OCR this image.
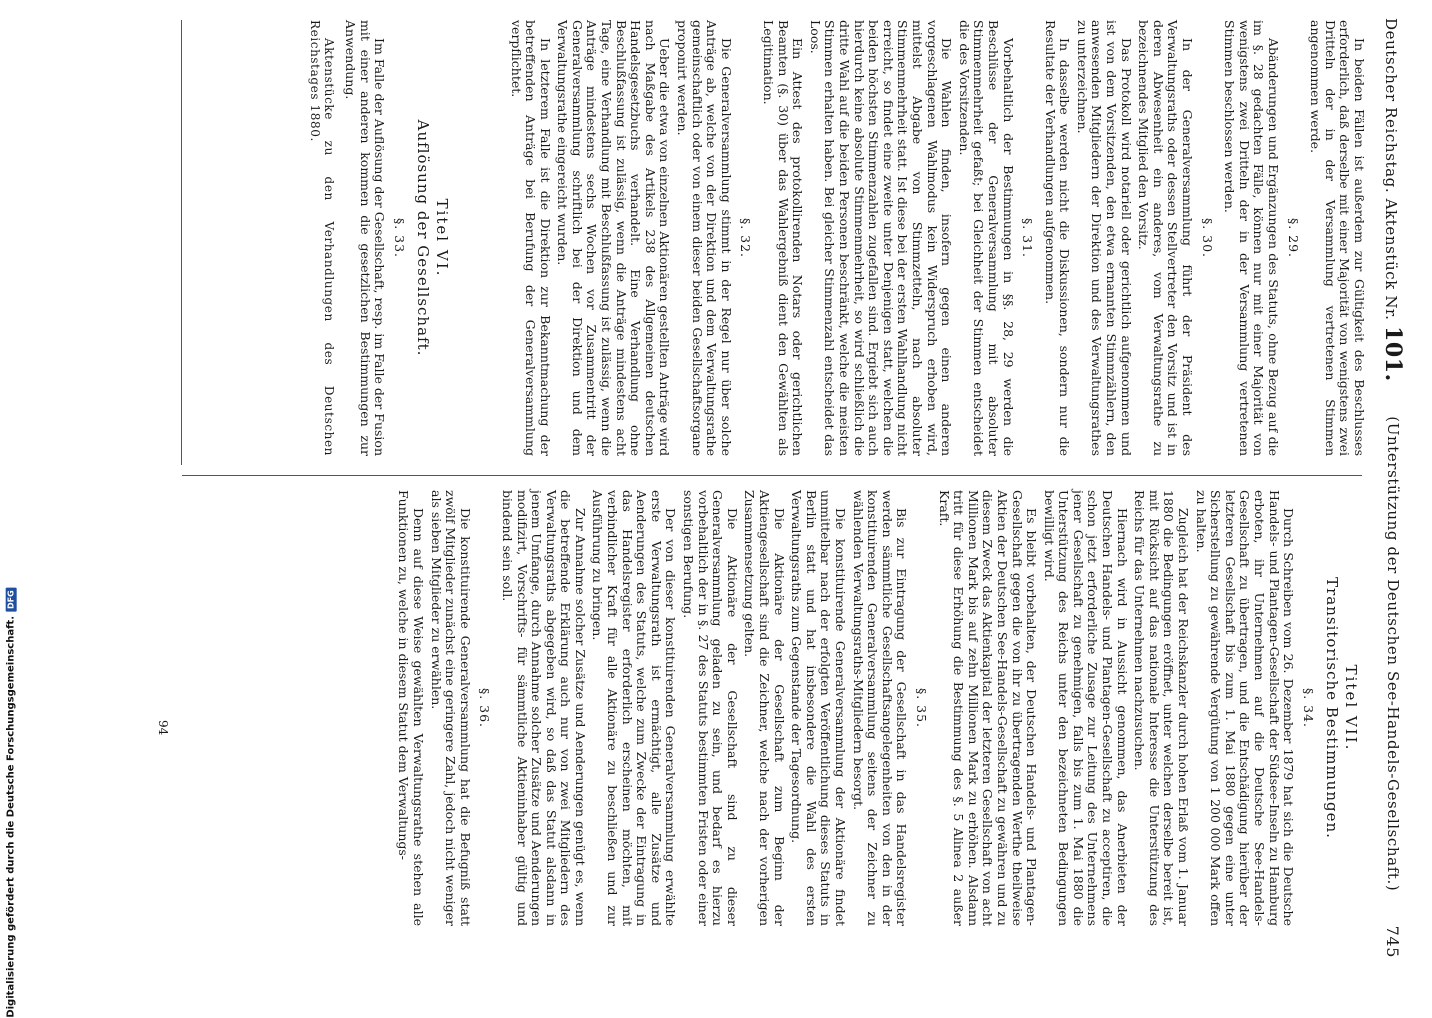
Deutscher Reichstag. Aktenstück Nr. 101.
(Unterstützung der Deutschen See-Handels-Gesellschaft.)
745

In beiden Fällen ist außerdem zur Gültigkeit des Beschlusses erforderlich, daß derselbe mit einer Majorität von wenigstens zwei Dritteln der in der Versammlung vertretenen Stimmen angenommen werde.

§. 29.

Abänderungen und Ergänzungen des Statuts, ohne Bezug auf die im §. 28 gedachten Fälle, können nur mit einer Majorität von wenigstens zwei Dritteln der in der Versammlung vertretenen Stimmen beschlossen werden.

§. 30.

In der Generalversammlung führt der Präsident des Verwaltungsraths oder dessen Stellvertreter den Vorsitz und ist in deren Abwesenheit ein anderes, vom Verwaltungsrathe zu bezeichnendes Mitglied den Vorsitz.

Das Protokoll wird notariell oder gerichtlich aufgenommen und ist von dem Vorsitzenden, den etwa ernannten Stimmzählern, den anwesenden Mitgliedern der Direktion und des Verwaltungsrathes zu unterzeichnen.

In dasselbe werden nicht die Diskussionen, sondern nur die Resultate der Verhandlungen aufgenommen.

§. 31.

Vorbehaltlich der Bestimmungen in §§. 28, 29 werden die Beschlüsse der Generalversammlung mit absoluter Stimmenmehrheit gefaßt; bei Gleichheit der Stimmen entscheidet die des Vorsitzenden.

Die Wahlen finden, insofern gegen einen anderen vorgeschlagenen Wahlmodus kein Widerspruch erhoben wird, mittelst Abgabe von Stimmzetteln, nach absoluter Stimmenmehrheit statt. Ist diese bei der ersten Wahlhandlung nicht erreicht, so findet eine zweite unter Denjenigen statt, welchen die beiden höchsten Stimmenzahlen zugefallen sind. Ergiebt sich auch hierdurch keine absolute Stimmenmehrheit, so wird schließlich die dritte Wahl auf die beiden Personen beschränkt, welche die meisten Stimmen erhalten haben. Bei gleicher Stimmenzahl entscheidet das Loos.

Ein Attest des protokollirenden Notars oder gerichtlichen Beamten (§. 30) über das Wahlergebniß dient den Gewählten als Legitimation.

§. 32.

Die Generalversammlung stimmt in der Regel nur über solche Anträge ab, welche von der Direktion und dem Verwaltungsrathe gemeinschaftlich oder von einem dieser beiden Gesellschaftsorgane proponirt werden.

Ueber die etwa von einzelnen Aktionären gestellten Anträge wird nach Maßgabe des Artikels 238 des Allgemeinen deutschen Handelsgesetzbuchs verhandelt. Eine Verhandlung ohne Beschlußfassung ist zulässig, wenn die Anträge mindestens acht Tage, eine Verhandlung mit Beschlußfassung ist zulässig, wenn die Anträge mindestens sechs Wochen vor Zusammentritt der Generalversammlung schriftlich bei der Direktion und dem Verwaltungsrathe eingereicht wurden.

In letzterem Falle ist die Direktion zur Bekanntmachung der betreffenden Anträge bei Berufung der Generalversammlung verpflichtet.

Titel VI.
Auflösung der Gesellschaft.
§. 33.

Im Falle der Auflösung der Gesellschaft, resp. im Falle der Fusion mit einer anderen kommen die gesetzlichen Bestimmungen zur Anwendung.

Aktenstücke zu den Verhandlungen des Deutschen Reichstages 1880.
Titel VII.
Transitorische Bestimmungen.
§. 34.

Durch Schreiben vom 26. Dezember 1879 hat sich die Deutsche Handels- und Plantagen-Gesellschaft der Südsee-Inseln zu Hamburg erboten, ihr Unternehmen auf die Deutsche See-Handels-Gesellschaft zu übertragen, und die Entschädigung hierüber der letzteren Gesellschaft bis zum 1. Mai 1880 gegen eine unter Sicherstellung zu gewährende Vergütung von 1 200 000 Mark offen zu halten.

Zugleich hat der Reichskanzler durch hohen Erlaß vom 1. Januar 1880 die Bedingungen eröffnet, unter welchen derselbe bereit ist, mit Rücksicht auf das nationale Interesse die Unterstützung des Reichs für das Unternehmen nachzusuchen.

Hiernach wird in Aussicht genommen, das Anerbieten der Deutschen Handels- und Plantagen-Gesellschaft zu acceptiren, die schon jetzt erforderliche Zusage zur Leitung des Unternehmens jener Gesellschaft zu genehmigen, falls bis zum 1. Mai 1880 die Unterstützung des Reichs unter den bezeichneten Bedingungen bewilligt wird.

Es bleibt vorbehalten, der Deutschen Handels- und Plantagen-Gesellschaft gegen die von ihr zu übertragenden Werthe theilweise Aktien der Deutschen See-Handels-Gesellschaft zu gewähren und zu diesem Zweck das Aktienkapital der letzteren Gesellschaft von acht Millionen Mark bis auf zehn Millionen Mark zu erhöhen. Alsdann tritt für diese Erhöhung die Bestimmung des §. 5 Alinea 2 außer Kraft.

§. 35.

Bis zur Eintragung der Gesellschaft in das Handelsregister werden sämmtliche Gesellschaftsangelegenheiten von den in der konstituirenden Generalversammlung seitens der Zeichner zu wählenden Verwaltungsraths-Mitgliedern besorgt.

Die konstituirende Generalversammlung der Aktionäre findet unmittelbar nach der erfolgten Veröffentlichung dieses Statuts in Berlin statt und hat insbesondere die Wahl des ersten Verwaltungsraths zum Gegenstande der Tagesordnung.

Die Aktionäre der Gesellschaft zum Beginn der Aktiengesellschaft sind die Zeichner, welche nach der vorherigen Zusammensetzung gelten.

Die Aktionäre der Gesellschaft sind zu dieser Generalversammlung geladen zu sein, und bedarf es hierzu vorbehaltlich der in §. 27 des Statuts bestimmten Fristen oder einer sonstigen Berufung.

Der von dieser konstituirenden Generalversammlung erwählte erste Verwaltungsrath ist ermächtigt, alle Zusätze und Aenderungen des Statuts, welche zum Zwecke der Eintragung in das Handelsregister erforderlich erscheinen möchten, mit verbindlicher Kraft für alle Aktionäre zu beschließen und zur Ausführung zu bringen.

Zur Annahme solcher Zusätze und Aenderungen genügt es, wenn die betreffende Erklärung auch nur von zwei Mitgliedern des Verwaltungsraths abgegeben wird, so daß das Statut alsdann in jenem Umfange, durch Annahme solcher Zusätze und Aenderungen modifizirt, Vorschrifts- für sämmtliche Aktieninhaber gültig und bindend sein soll.

§. 36.

Die konstituirende Generalversammlung hat die Befugniß statt zwölf Mitglieder zunächst eine geringere Zahl, jedoch nicht weniger als sieben Mitglieder zu erwählen.

Denn auf diese Weise gewählten Verwaltungsrathe stehen alle Funktionen zu, welche in diesem Statut dem Verwaltungs-

94
Digitalisierung gefördert durch die Deutsche Forschungsgemeinschaft.
DFG
